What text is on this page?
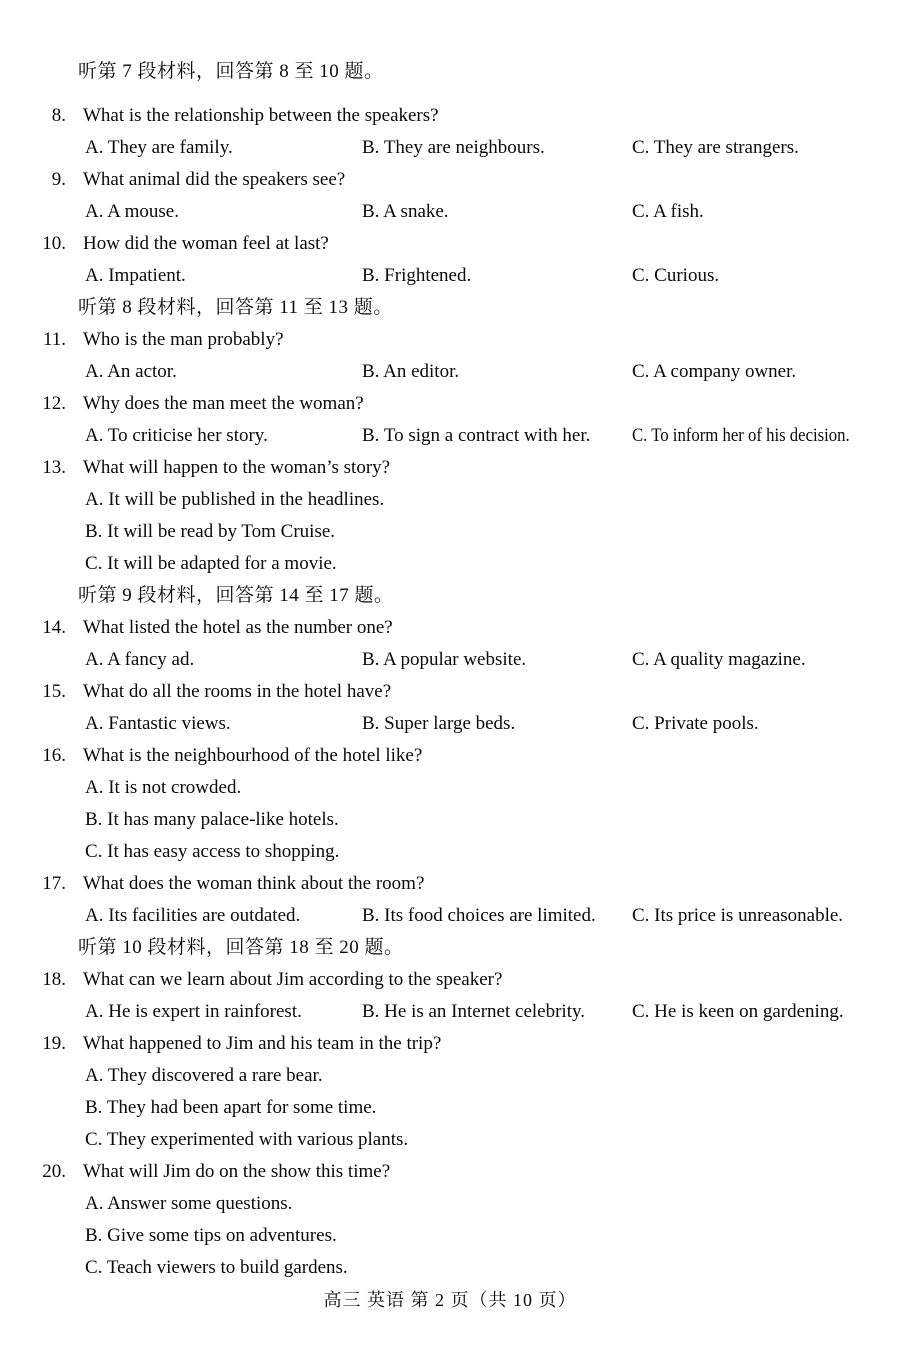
听第 7 段材料，回答第 8 至 10 题。
8. What is the relationship between the speakers?
A. They are family.	B. They are neighbours.	C. They are strangers.
9. What animal did the speakers see?
A. A mouse.	B. A snake.	C. A fish.
10. How did the woman feel at last?
A. Impatient.	B. Frightened.	C. Curious.
听第 8 段材料，回答第 11 至 13 题。
11. Who is the man probably?
A. An actor.	B. An editor.	C. A company owner.
12. Why does the man meet the woman?
A. To criticise her story.	B. To sign a contract with her.	C. To inform her of his decision.
13. What will happen to the woman’s story?
A. It will be published in the headlines.
B. It will be read by Tom Cruise.
C. It will be adapted for a movie.
听第 9 段材料，回答第 14 至 17 题。
14. What listed the hotel as the number one?
A. A fancy ad.	B. A popular website.	C. A quality magazine.
15. What do all the rooms in the hotel have?
A. Fantastic views.	B. Super large beds.	C. Private pools.
16. What is the neighbourhood of the hotel like?
A. It is not crowded.
B. It has many palace-like hotels.
C. It has easy access to shopping.
17. What does the woman think about the room?
A. Its facilities are outdated.	B. Its food choices are limited.	C. Its price is unreasonable.
听第 10 段材料，回答第 18 至 20 题。
18. What can we learn about Jim according to the speaker?
A. He is expert in rainforest.	B. He is an Internet celebrity.	C. He is keen on gardening.
19. What happened to Jim and his team in the trip?
A. They discovered a rare bear.
B. They had been apart for some time.
C. They experimented with various plants.
20. What will Jim do on the show this time?
A. Answer some questions.
B. Give some tips on adventures.
C. Teach viewers to build gardens.
高三 英语 第 2 页（共 10 页）
